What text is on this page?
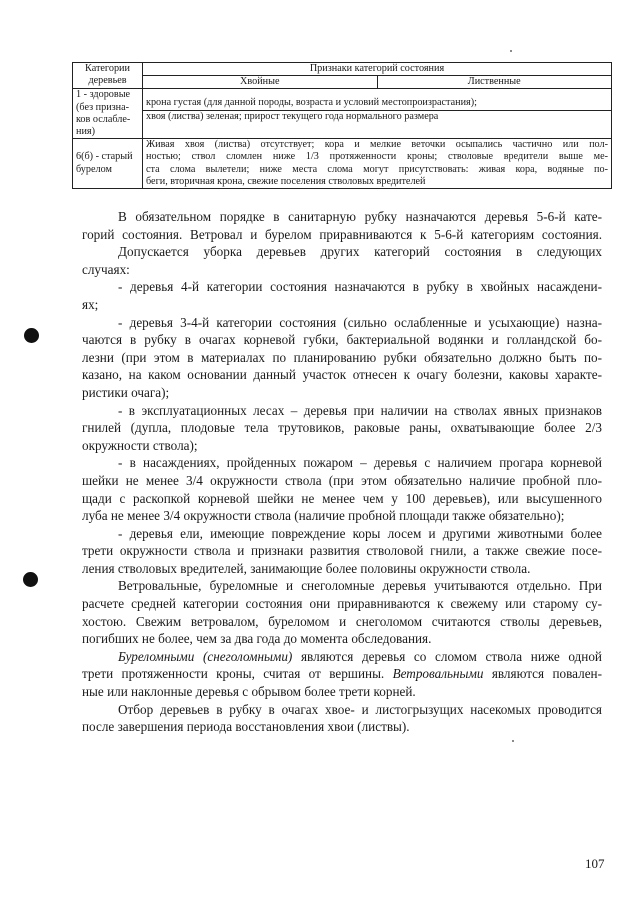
Категории
деревьев	Признаки категорий состояния	
	Хвойные	Лиственные

1 - здоровые
(без призна-
ков ослабле-
ния)	крона густая (для данной породы, возраста и условий местопроизрастания);
хвоя (листва) зеленая; прирост текущего года нормального размера	

6(б) - старый
бурелом	Живая хвоя (листва) отсутствует; кора и мелкие веточки осыпались частично или пол-
ностью; ствол сломлен ниже 1/3 протяженности кроны; стволовые вредители выше ме-
ста слома вылетели; ниже места слома могут присутствовать: живая кора, водяные по-
беги, вторичная крона, свежие поселения стволовых вредителей	

В обязательном порядке в санитарную рубку назначаются деревья 5-6-й кате-
горий состояния. Ветровал и бурелом приравниваются к 5-6-й категориям состояния.

Допускается уборка деревьев других категорий состояния в следующих
случаях:

- деревья 4-й категории состояния назначаются в рубку в хвойных насаждени-
ях;

- деревья 3-4-й категории состояния (сильно ослабленные и усыхающие) назна-
чаются в рубку в очагах корневой губки, бактериальной водянки и голландской бо-
лезни (при этом в материалах по планированию рубки обязательно должно быть по-
казано, на каком основании данный участок отнесен к очагу болезни, каковы характе-
ристики очага);

- в эксплуатационных лесах – деревья при наличии на стволах явных признаков
гнилей (дупла, плодовые тела трутовиков, раковые раны, охватывающие более 2/3
окружности ствола);

- в насаждениях, пройденных пожаром – деревья с наличием прогара корневой
шейки не менее 3/4 окружности ствола (при этом обязательно наличие пробной пло-
щади с раскопкой корневой шейки не менее чем у 100 деревьев), или высушенного
луба не менее 3/4 окружности ствола (наличие пробной площади также обязательно);

- деревья ели, имеющие повреждение коры лосем и другими животными более
трети окружности ствола и признаки развития стволовой гнили, а также свежие посе-
ления стволовых вредителей, занимающие более половины окружности ствола.

Ветровальные, буреломные и снеголомные деревья учитываются отдельно. При
расчете средней категории состояния они приравниваются к свежему или старому су-
хостою. Свежим ветровалом, буреломом и снеголомом считаются стволы деревьев,
погибших не более, чем за два года до момента обследования.

Буреломными (снеголомными) являются деревья со сломом ствола ниже одной
трети протяженности кроны, считая от вершины. Ветровальными являются повален-
ные или наклонные деревья с обрывом более трети корней.

Отбор деревьев в рубку в очагах хвое- и листогрызущих насекомых проводится
после завершения периода восстановления хвои (листвы).

107
